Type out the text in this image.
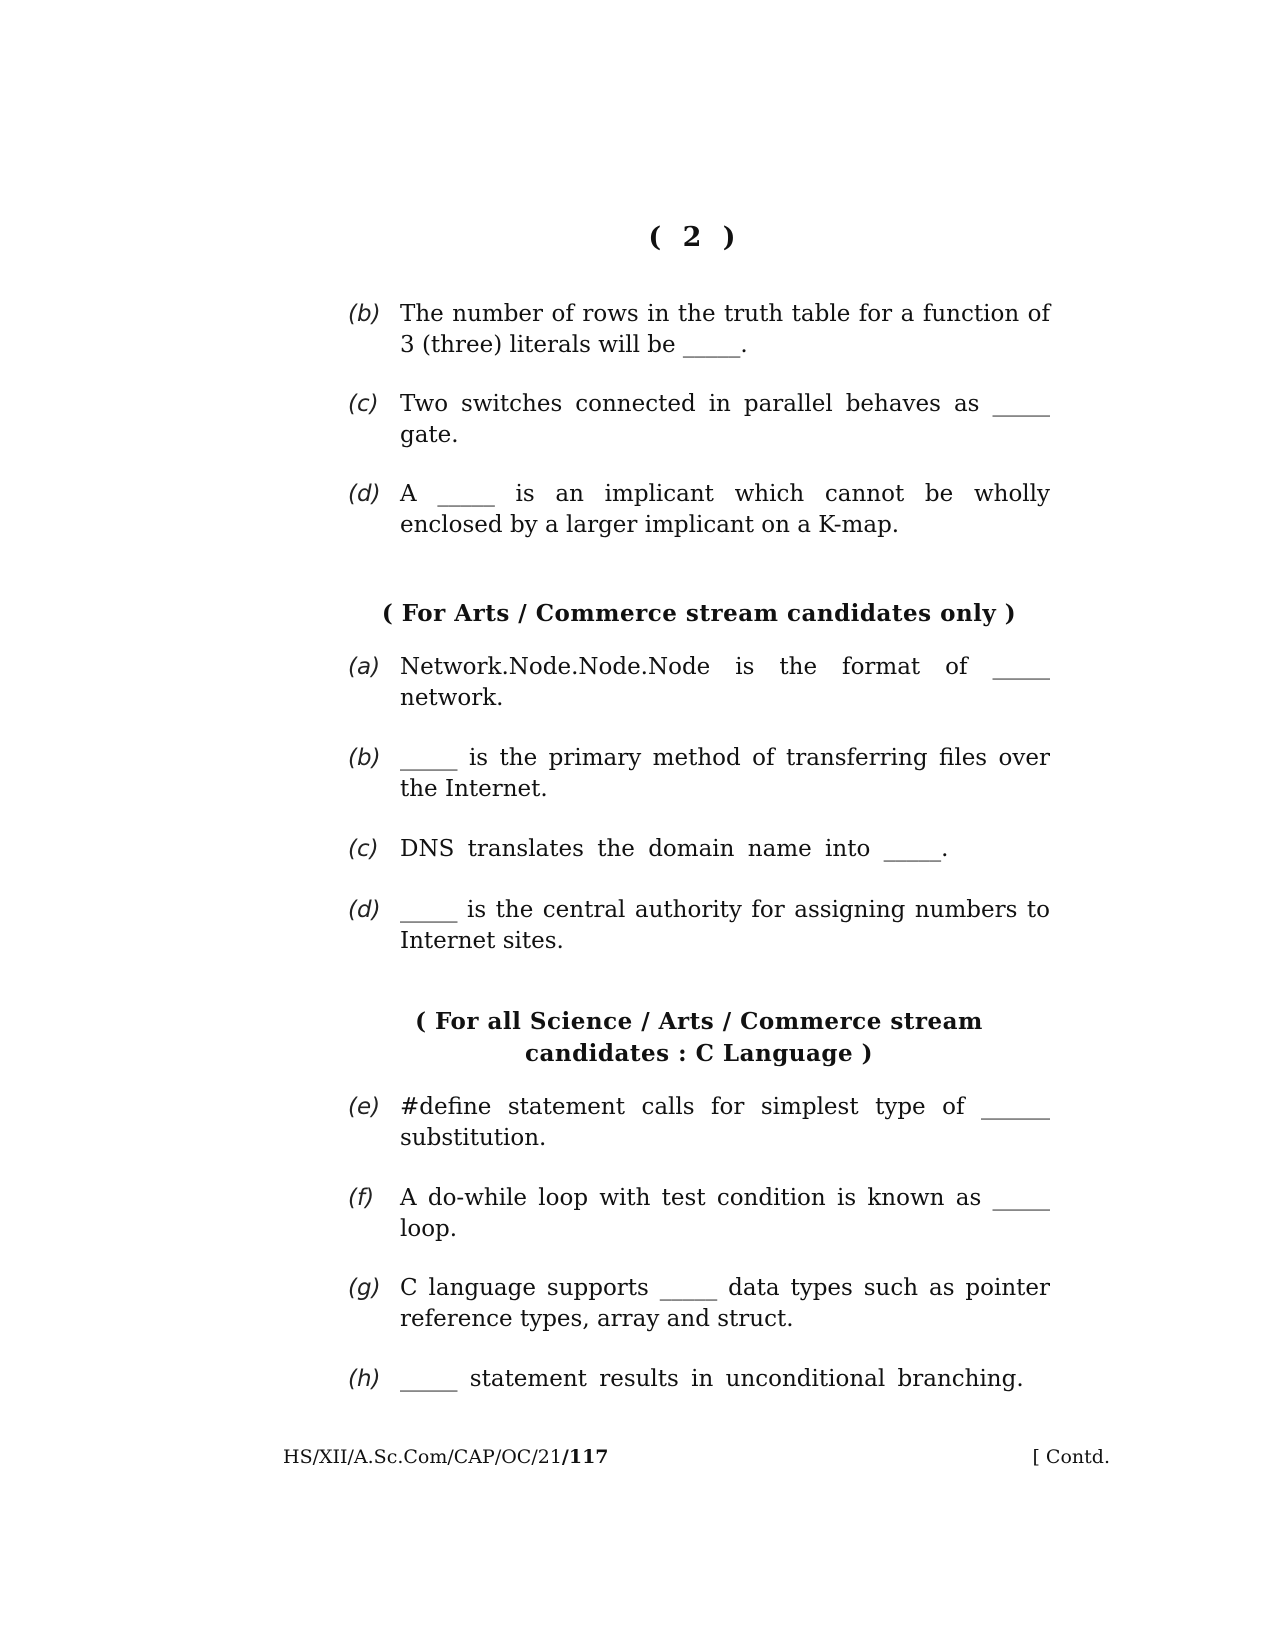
( 2 )
(b) The number of rows in the truth table for a function of 3 (three) literals will be _____.
(c) Two switches connected in parallel behaves as _____ gate.
(d) A _____ is an implicant which cannot be wholly enclosed by a larger implicant on a K-map.
( For Arts / Commerce stream candidates only )
(a) Network.Node.Node.Node is the format of _____ network.
(b) _____ is the primary method of transferring files over the Internet.
(c) DNS translates the domain name into _____.
(d) _____ is the central authority for assigning numbers to Internet sites.
( For all Science / Arts / Commerce stream
candidates : C Language )
(e) #define statement calls for simplest type of ______ substitution.
(f) A do-while loop with test condition is known as _____ loop.
(g) C language supports _____ data types such as pointer reference types, array and struct.
(h) _____ statement results in unconditional branching.
HS/XII/A.Sc.Com/CAP/OC/21/117	[ Contd.
